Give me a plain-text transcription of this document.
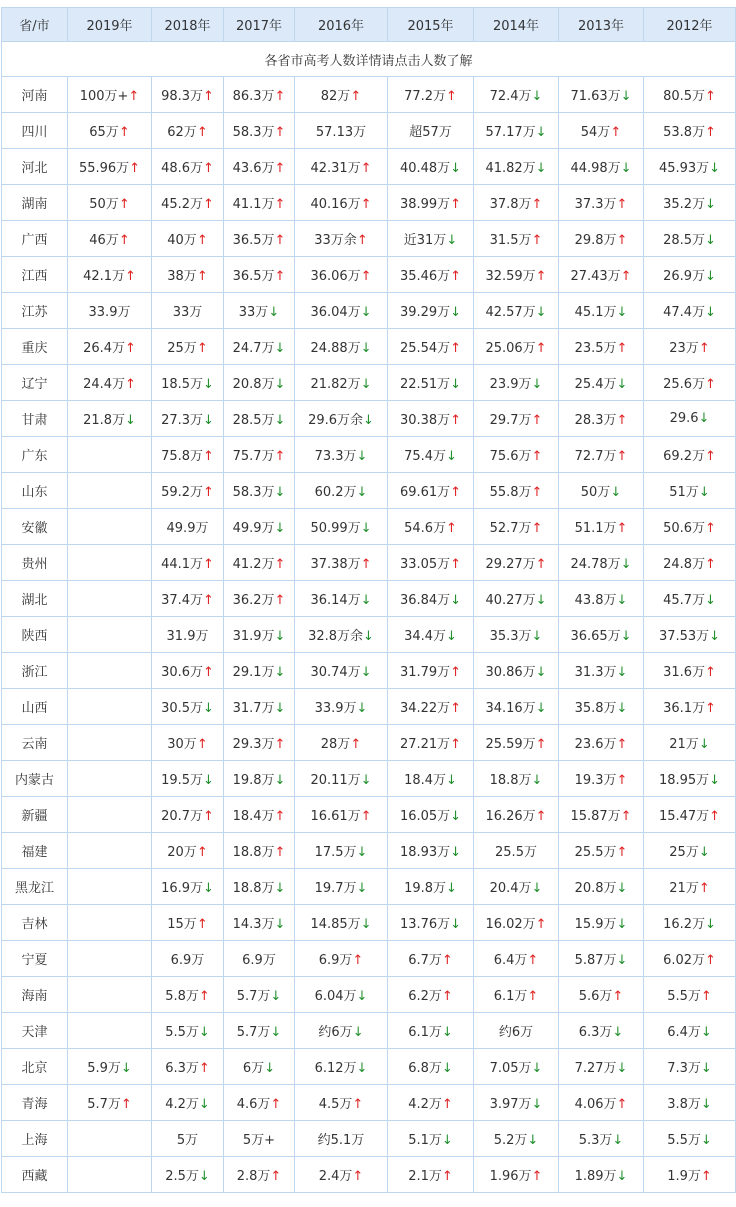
省/市	2019年	2018年	2017年	2016年	2015年	2014年	2013年	2012年
各省市高考人数详情请点击人数了解								
河南	100万+↑	98.3万↑	86.3万↑	82万↑	77.2万↑	72.4万↓	71.63万↓	80.5万↑
四川	65万↑	62万↑	58.3万↑	57.13万	超57万	57.17万↓	54万↑	53.8万↑
河北	55.96万↑	48.6万↑	43.6万↑	42.31万↑	40.48万↓	41.82万↓	44.98万↓	45.93万↓
湖南	50万↑	45.2万↑	41.1万↑	40.16万↑	38.99万↑	37.8万↑	37.3万↑	35.2万↓
广西	46万↑	40万↑	36.5万↑	33万余↑	近31万↓	31.5万↑	29.8万↑	28.5万↓
江西	42.1万↑	38万↑	36.5万↑	36.06万↑	35.46万↑	32.59万↑	27.43万↑	26.9万↓
江苏	33.9万	33万	33万↓	36.04万↓	39.29万↓	42.57万↓	45.1万↓	47.4万↓
重庆	26.4万↑	25万↑	24.7万↓	24.88万↓	25.54万↑	25.06万↑	23.5万↑	23万↑
辽宁	24.4万↑	18.5万↓	20.8万↓	21.82万↓	22.51万↓	23.9万↓	25.4万↓	25.6万↑
甘肃	21.8万↓	27.3万↓	28.5万↓	29.6万余↓	30.38万↑	29.7万↑	28.3万↑	29.6↓
广东		75.8万↑	75.7万↑	73.3万↓	75.4万↓	75.6万↑	72.7万↑	69.2万↑
山东		59.2万↑	58.3万↓	60.2万↓	69.61万↑	55.8万↑	50万↓	51万↓
安徽		49.9万	49.9万↓	50.99万↓	54.6万↑	52.7万↑	51.1万↑	50.6万↑
贵州		44.1万↑	41.2万↑	37.38万↑	33.05万↑	29.27万↑	24.78万↓	24.8万↑
湖北		37.4万↑	36.2万↑	36.14万↓	36.84万↓	40.27万↓	43.8万↓	45.7万↓
陕西		31.9万	31.9万↓	32.8万余↓	34.4万↓	35.3万↓	36.65万↓	37.53万↓
浙江		30.6万↑	29.1万↓	30.74万↓	31.79万↑	30.86万↓	31.3万↓	31.6万↑
山西		30.5万↓	31.7万↓	33.9万↓	34.22万↑	34.16万↓	35.8万↓	36.1万↑
云南		30万↑	29.3万↑	28万↑	27.21万↑	25.59万↑	23.6万↑	21万↓
内蒙古		19.5万↓	19.8万↓	20.11万↓	18.4万↓	18.8万↓	19.3万↑	18.95万↓
新疆		20.7万↑	18.4万↑	16.61万↑	16.05万↓	16.26万↑	15.87万↑	15.47万↑
福建		20万↑	18.8万↑	17.5万↓	18.93万↓	25.5万	25.5万↑	25万↓
黑龙江		16.9万↓	18.8万↓	19.7万↓	19.8万↓	20.4万↓	20.8万↓	21万↑
吉林		15万↑	14.3万↓	14.85万↓	13.76万↓	16.02万↑	15.9万↓	16.2万↓
宁夏		6.9万	6.9万	6.9万↑	6.7万↑	6.4万↑	5.87万↓	6.02万↑
海南		5.8万↑	5.7万↓	6.04万↓	6.2万↑	6.1万↑	5.6万↑	5.5万↑
天津		5.5万↓	5.7万↓	约6万↓	6.1万↓	约6万	6.3万↓	6.4万↓
北京	5.9万↓	6.3万↑	6万↓	6.12万↓	6.8万↓	7.05万↓	7.27万↓	7.3万↓
青海	5.7万↑	4.2万↓	4.6万↑	4.5万↑	4.2万↑	3.97万↓	4.06万↑	3.8万↓
上海		5万	5万+	约5.1万	5.1万↓	5.2万↓	5.3万↓	5.5万↓
西藏		2.5万↓	2.8万↑	2.4万↑	2.1万↑	1.96万↑	1.89万↓	1.9万↑
